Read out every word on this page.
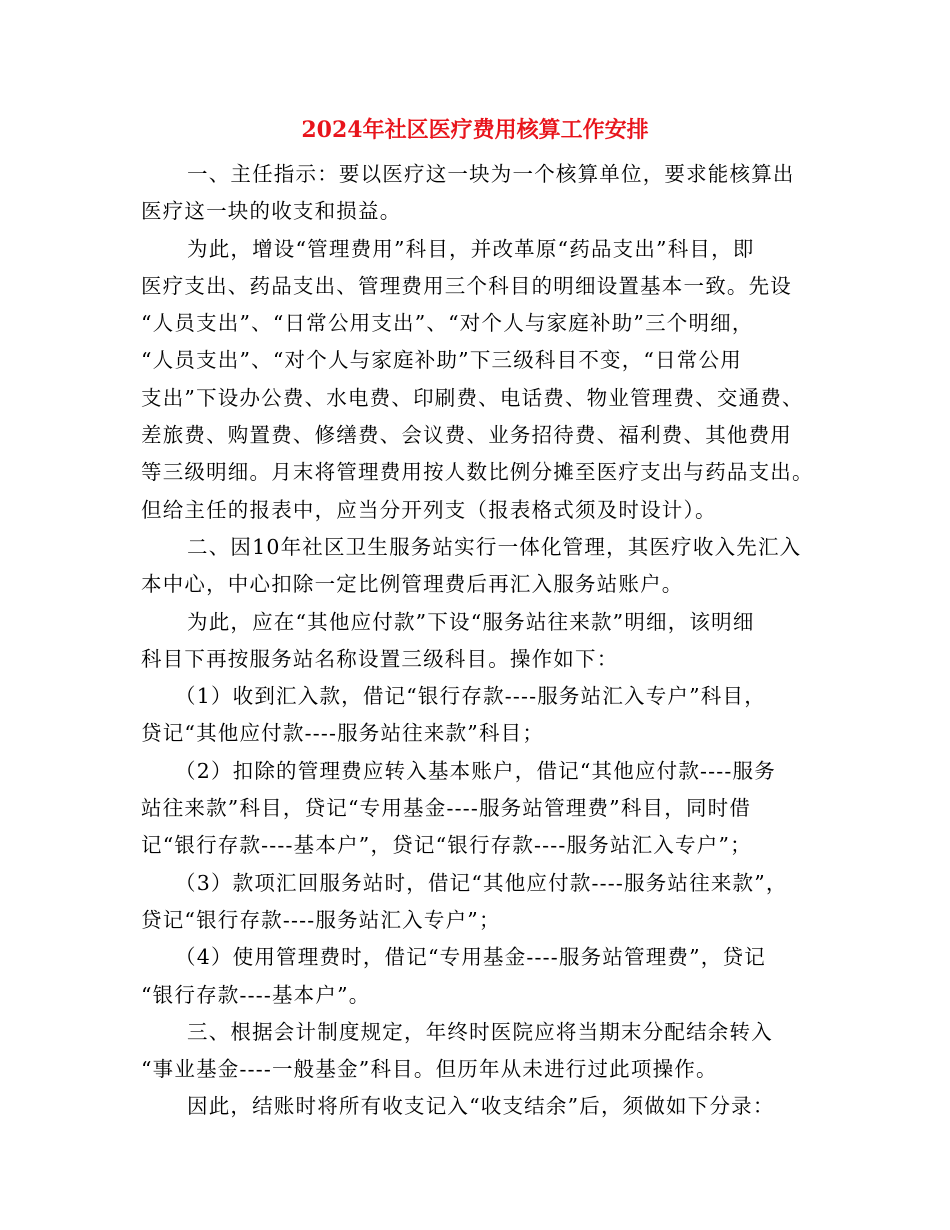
2024年社区医疗费用核算工作安排
一、主任指示：要以医疗这一块为一个核算单位，要求能核算出
医疗这一块的收支和损益。
为此，增设“管理费用”科目，并改革原“药品支出”科目，即
医疗支出、药品支出、管理费用三个科目的明细设置基本一致。先设
“人员支出”、“日常公用支出”、“对个人与家庭补助”三个明细，
“人员支出”、“对个人与家庭补助”下三级科目不变，“日常公用
支出”下设办公费、水电费、印刷费、电话费、物业管理费、交通费、
差旅费、购置费、修缮费、会议费、业务招待费、福利费、其他费用
等三级明细。月末将管理费用按人数比例分摊至医疗支出与药品支出。
但给主任的报表中，应当分开列支（报表格式须及时设计）。
二、因10年社区卫生服务站实行一体化管理，其医疗收入先汇入
本中心，中心扣除一定比例管理费后再汇入服务站账户。
为此，应在“其他应付款”下设“服务站往来款”明细，该明细
科目下再按服务站名称设置三级科目。操作如下：
（1）收到汇入款，借记“银行存款----服务站汇入专户”科目，
贷记“其他应付款----服务站往来款”科目；
（2）扣除的管理费应转入基本账户，借记“其他应付款----服务
站往来款”科目，贷记“专用基金----服务站管理费”科目，同时借
记“银行存款----基本户”，贷记“银行存款----服务站汇入专户”；
（3）款项汇回服务站时，借记“其他应付款----服务站往来款”，
贷记“银行存款----服务站汇入专户”；
（4）使用管理费时，借记“专用基金----服务站管理费”，贷记
“银行存款----基本户”。
三、根据会计制度规定，年终时医院应将当期末分配结余转入
“事业基金----一般基金”科目。但历年从未进行过此项操作。
因此，结账时将所有收支记入“收支结余”后，须做如下分录：
